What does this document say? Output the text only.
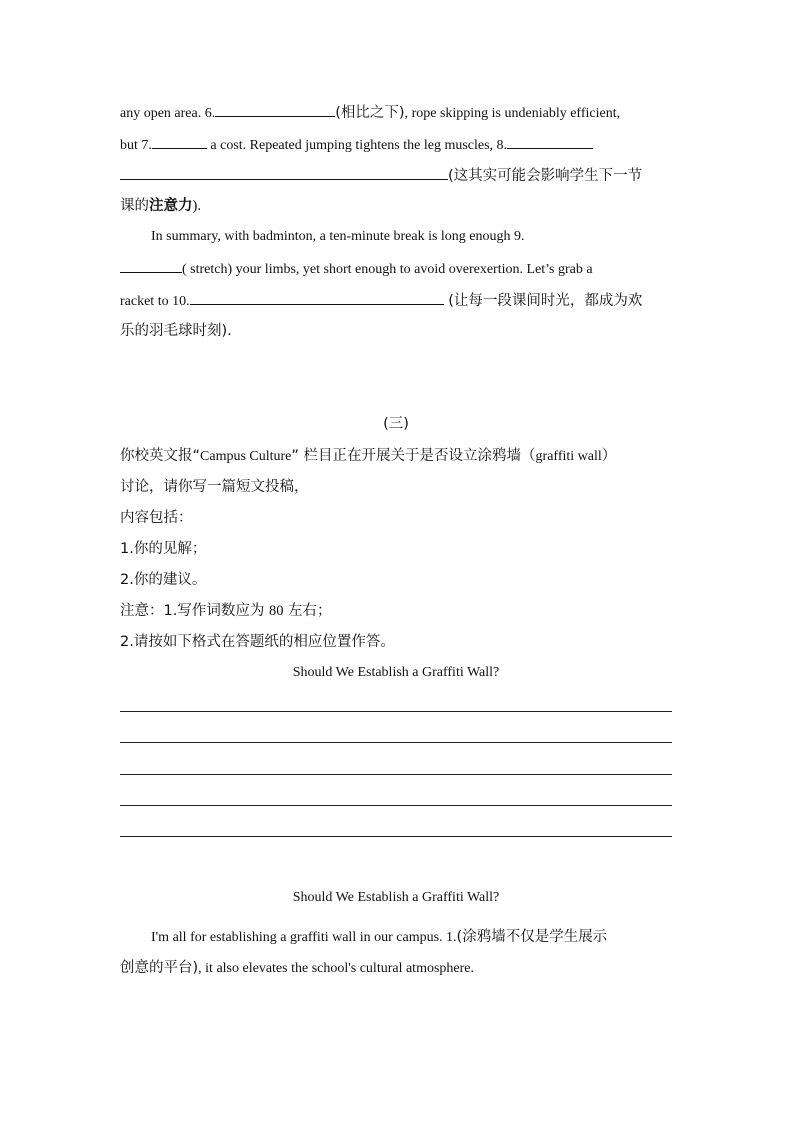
any open area. 6.	(相比之下), rope skipping is undeniably efficient,
but 7.	a cost. Repeated jumping tightens the leg muscles, 8.
(这其实可能会影响学生下一节
课的注意力).
In summary, with badminton, a ten-minute break is long enough 9.
( stretch) your limbs, yet short enough to avoid overexertion. Let’s grab a
racket to 10.	(让每一段课间时光，都成为欢
乐的羽毛球时刻).
(三)
你校英文报“Campus Culture” 栏目正在开展关于是否设立涂鸦墙（graffiti wall）
讨论，请你写一篇短文投稿，
内容包括：
1.你的见解；
2.你的建议。
注意：1.写作词数应为 80 左右；
2.请按如下格式在答题纸的相应位置作答。
Should We Establish a Graffiti Wall?
Should We Establish a Graffiti Wall?
I'm all for establishing a graffiti wall in our campus. 1.(涂鸦墙不仅是学生展示
创意的平台), it also elevates the school's cultural atmosphere.
